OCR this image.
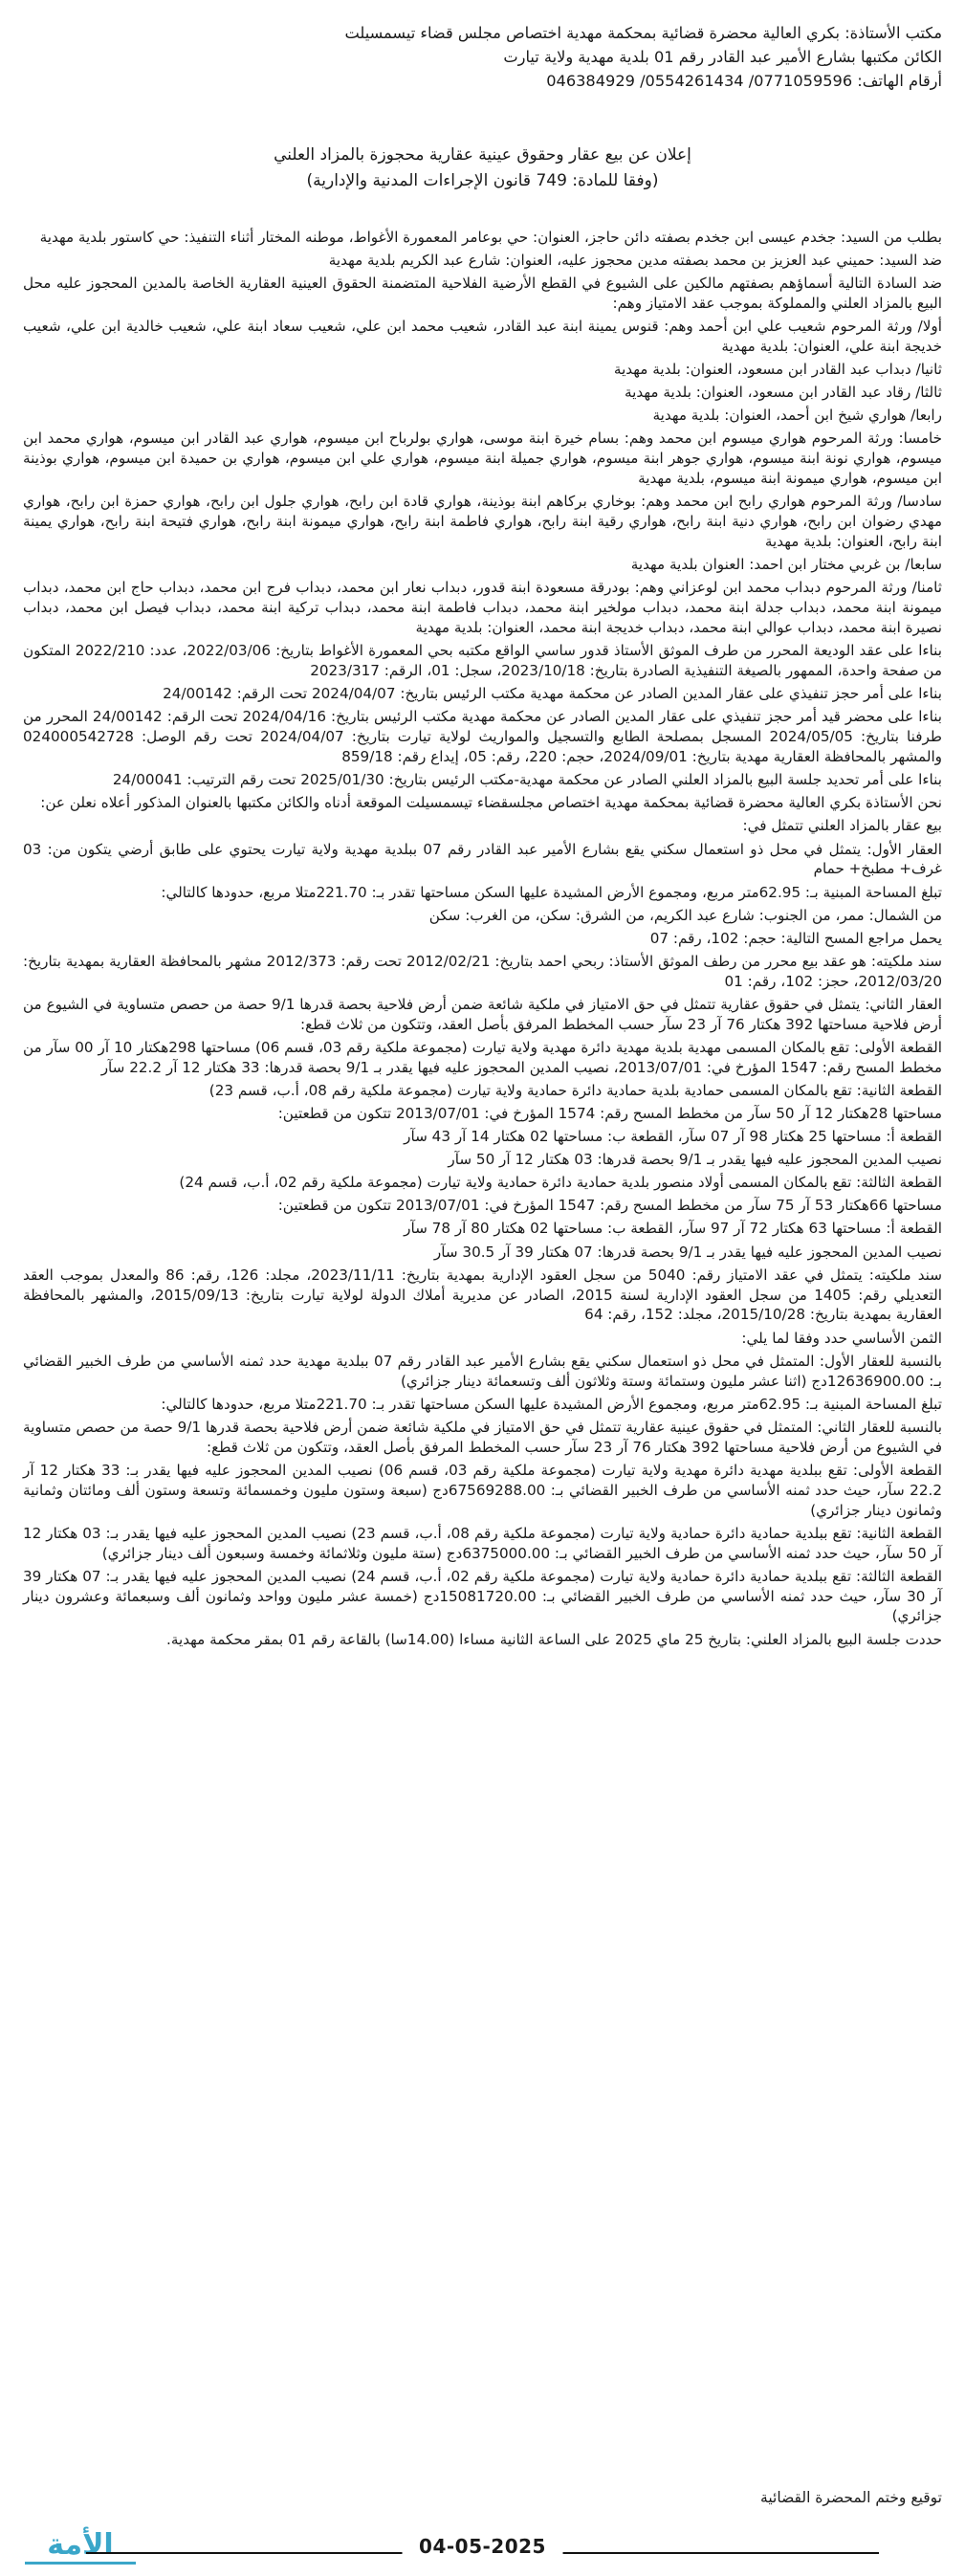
مكتب الأستاذة: بكري العالية محضرة قضائية بمحكمة مهدية اختصاص مجلس قضاء تيسمسيلت

الكائن مكتبها بشارع الأمير عبد القادر رقم 01 بلدية مهدية ولاية تيارت

أرقام الهاتف: 0771059596/ 0554261434/ 046384929

إعلان عن بيع عقار وحقوق عينية عقارية محجوزة بالمزاد العلني

(وفقا للمادة: 749 قانون الإجراءات المدنية والإدارية)

بطلب من السيد: جخدم عيسى ابن جخدم بصفته دائن حاجز، العنوان: حي بوعامر المعمورة الأغواط، موطنه المختار أثناء التنفيذ: حي كاستور بلدية مهدية

ضد السيد: حميني عبد العزيز بن محمد بصفته مدين محجوز عليه، العنوان: شارع عبد الكريم بلدية مهدية

ضد السادة التالية أسماؤهم بصفتهم مالكين على الشيوع في القطع الأرضية الفلاحية المتضمنة الحقوق العينية العقارية الخاصة بالمدين المحجوز عليه محل البيع بالمزاد العلني والمملوكة بموجب عقد الامتياز وهم:

أولا/ ورثة المرحوم شعيب علي ابن أحمد وهم: قنوس يمينة ابنة عبد القادر، شعيب محمد ابن علي، شعيب سعاد ابنة علي، شعيب خالدية ابن علي، شعيب خديجة ابنة علي، العنوان: بلدية مهدية

ثانيا/ دبداب عبد القادر ابن مسعود، العنوان: بلدية مهدية

ثالثا/ رقاد عبد القادر ابن مسعود، العنوان: بلدية مهدية

رابعا/ هواري شيخ ابن أحمد، العنوان: بلدية مهدية

خامسا: ورثة المرحوم هواري ميسوم ابن محمد وهم: بسام خيرة ابنة موسى، هواري بولرباح ابن ميسوم، هواري عبد القادر ابن ميسوم، هواري محمد ابن ميسوم، هواري نونة ابنة ميسوم، هواري جوهر ابنة ميسوم، هواري جميلة ابنة ميسوم، هواري علي ابن ميسوم، هواري بن حميدة ابن ميسوم، هواري بوذينة ابن ميسوم، هواري ميمونة ابنة ميسوم، بلدية مهدية

سادسا/ ورثة المرحوم هواري رابح ابن محمد وهم: بوخاري بركاهم ابنة بوذينة، هواري قادة ابن رابح، هواري جلول ابن رابح، هواري حمزة ابن رابح، هواري مهدي رضوان ابن رابح، هواري دنية ابنة رابح، هواري رقية ابنة رابح، هواري فاطمة ابنة رابح، هواري ميمونة ابنة رابح، هواري فتيحة ابنة رابح، هواري يمينة ابنة رابح، العنوان: بلدية مهدية

سابعا/ بن غربي مختار ابن احمد: العنوان بلدية مهدية

ثامنا/ ورثة المرحوم دبداب محمد ابن لوعزاني وهم: بودرقة مسعودة ابنة قدور، دبداب نعار ابن محمد، دبداب فرج ابن محمد، دبداب حاج ابن محمد، دبداب ميمونة ابنة محمد، دبداب جدلة ابنة محمد، دبداب مولخير ابنة محمد، دبداب فاطمة ابنة محمد، دبداب تركية ابنة محمد، دبداب فيصل ابن محمد، دبداب نصيرة ابنة محمد، دبداب عوالي ابنة محمد، دبداب خديجة ابنة محمد، العنوان: بلدية مهدية

بناءا على عقد الوديعة المحرر من طرف الموثق الأستاذ قدور ساسي الواقع مكتبه بحي المعمورة الأغواط بتاريخ: 2022/03/06، عدد: 2022/210 المتكون من صفحة واحدة، الممهور بالصيغة التنفيذية الصادرة بتاريخ: 2023/10/18، سجل: 01، الرقم: 2023/317

بناءا على أمر حجز تنفيذي على عقار المدين الصادر عن محكمة مهدية مكتب الرئيس بتاريخ: 2024/04/07 تحت الرقم: 24/00142

بناءا على محضر قيد أمر حجز تنفيذي على عقار المدين الصادر عن محكمة مهدية مكتب الرئيس بتاريخ: 2024/04/16 تحت الرقم: 24/00142 المحرر من طرفنا بتاريخ: 2024/05/05 المسجل بمصلحة الطابع والتسجيل والمواريث لولاية تيارت بتاريخ: 2024/04/07 تحت رقم الوصل: 024000542728 والمشهر بالمحافظة العقارية مهدية بتاريخ: 2024/09/01، حجم: 220، رقم: 05، إيداع رقم: 859/18

بناءا على أمر تحديد جلسة البيع بالمزاد العلني الصادر عن محكمة مهدية-مكتب الرئيس بتاريخ: 2025/01/30 تحت رقم الترتيب: 24/00041

نحن الأستاذة بكري العالية محضرة قضائية بمحكمة مهدية اختصاص مجلسقضاء تيسمسيلت الموقعة أدناه والكائن مكتبها بالعنوان المذكور أعلاه نعلن عن:

بيع عقار بالمزاد العلني تتمثل في:

العقار الأول: يتمثل في محل ذو استعمال سكني يقع بشارع الأمير عبد القادر رقم 07 ببلدية مهدية ولاية تيارت يحتوي على طابق أرضي يتكون من: 03 غرف+ مطبخ+ حمام

تبلغ المساحة المبنية بـ: 62.95متر مربع، ومجموع الأرض المشيدة عليها السكن مساحتها تقدر بـ: 221.70متلا مربع، حدودها كالتالي:

من الشمال: ممر، من الجنوب: شارع عبد الكريم، من الشرق: سكن، من الغرب: سكن

يحمل مراجع المسح التالية: حجم: 102، رقم: 07

سند ملكيته: هو عقد بيع محرر من رطف الموثق الأستاذ: ربحي احمد بتاريخ: 2012/02/21 تحت رقم: 2012/373 مشهر بالمحافظة العقارية بمهدية بتاريخ: 2012/03/20، حجز: 102، رقم: 01

العقار الثاني: يتمثل في حقوق عقارية تتمثل في حق الامتياز في ملكية شائعة ضمن أرض فلاحية بحصة قدرها 9/1 حصة من حصص متساوية في الشيوع من أرض فلاحية مساحتها 392 هكتار 76 آر 23 سآر حسب المخطط المرفق بأصل العقد، وتتكون من ثلاث قطع:

القطعة الأولى: تقع بالمكان المسمى مهدية بلدية مهدية دائرة مهدية ولاية تيارت (مجموعة ملكية رقم 03، قسم 06) مساحتها 298هكتار 10 آر 00 سآر من مخطط المسح رقم: 1547 المؤرخ في: 2013/07/01، نصيب المدين المحجوز عليه فيها يقدر بـ 9/1 بحصة قدرها: 33 هكتار 12 آر 22.2 سآر

القطعة الثانية: تقع بالمكان المسمى حمادية بلدية حمادية دائرة حمادية ولاية تيارت (مجموعة ملكية رقم 08، أ.ب، قسم 23)

مساحتها 28هكتار 12 آر 50 سآر من مخطط المسح رقم: 1574 المؤرخ في: 2013/07/01 تتكون من قطعتين:

القطعة أ: مساحتها 25 هكتار 98 آر 07 سآر، القطعة ب: مساحتها 02 هكتار 14 آر 43 سآر

نصيب المدين المحجوز عليه فيها يقدر بـ 9/1 بحصة قدرها: 03 هكتار 12 آر 50 سآر

القطعة الثالثة: تقع بالمكان المسمى أولاد منصور بلدية حمادية دائرة حمادية ولاية تيارت (مجموعة ملكية رقم 02، أ.ب، قسم 24)

مساحتها 66هكتار 53 آر 75 سآر من مخطط المسح رقم: 1547 المؤرخ في: 2013/07/01 تتكون من قطعتين:

القطعة أ: مساحتها 63 هكتار 72 آر 97 سآر، القطعة ب: مساحتها 02 هكتار 80 آر 78 سآر

نصيب المدين المحجوز عليه فيها يقدر بـ 9/1 بحصة قدرها: 07 هكتار 39 آر 30.5 سآر

سند ملكيته: يتمثل في عقد الامتياز رقم: 5040 من سجل العقود الإدارية بمهدية بتاريخ: 2023/11/11، مجلد: 126، رقم: 86 والمعدل بموجب العقد التعديلي رقم: 1405 من سجل العقود الإدارية لسنة 2015، الصادر عن مديرية أملاك الدولة لولاية تيارت بتاريخ: 2015/09/13، والمشهر بالمحافظة العقارية بمهدية بتاريخ: 2015/10/28، مجلد: 152، رقم: 64

الثمن الأساسي حدد وفقا لما يلي:

بالنسبة للعقار الأول: المتمثل في محل ذو استعمال سكني يقع بشارع الأمير عبد القادر رقم 07 ببلدية مهدية حدد ثمنه الأساسي من طرف الخبير القضائي بـ: 12636900.00دج (اثنا عشر مليون وستمائة وستة وثلاثون ألف وتسعمائة دينار جزائري)

تبلغ المساحة المبنية بـ: 62.95متر مربع، ومجموع الأرض المشيدة عليها السكن مساحتها تقدر بـ: 221.70متلا مربع، حدودها كالتالي:

بالنسبة للعقار الثاني: المتمثل في حقوق عينية عقارية تتمثل في حق الامتياز في ملكية شائعة ضمن أرض فلاحية بحصة قدرها 9/1 حصة من حصص متساوية في الشيوع من أرض فلاحية مساحتها 392 هكتار 76 آر 23 سآر حسب المخطط المرفق بأصل العقد، وتتكون من ثلاث قطع:

القطعة الأولى: تقع ببلدية مهدية دائرة مهدية ولاية تيارت (مجموعة ملكية رقم 03، قسم 06) نصيب المدين المحجوز عليه فيها يقدر بـ: 33 هكتار 12 آر 22.2 سآر، حيث حدد ثمنه الأساسي من طرف الخبير القضائي بـ: 67569288.00دج (سبعة وستون مليون وخمسمائة وتسعة وستون ألف ومائتان وثمانية وثمانون دينار جزائري)

القطعة الثانية: تقع ببلدية حمادية دائرة حمادية ولاية تيارت (مجموعة ملكية رقم 08، أ.ب، قسم 23) نصيب المدين المحجوز عليه فيها يقدر بـ: 03 هكتار 12 آر 50 سآر، حيث حدد ثمنه الأساسي من طرف الخبير القضائي بـ: 6375000.00دج (ستة مليون وثلاثمائة وخمسة وسبعون ألف دينار جزائري)

القطعة الثالثة: تقع ببلدية حمادية دائرة حمادية ولاية تيارت (مجموعة ملكية رقم 02، أ.ب، قسم 24) نصيب المدين المحجوز عليه فيها يقدر بـ: 07 هكتار 39 آر 30 سآر، حيث حدد ثمنه الأساسي من طرف الخبير القضائي بـ: 15081720.00دج (خمسة عشر مليون وواحد وثمانون ألف وسبعمائة وعشرون دينار جزائري)

حددت جلسة البيع بالمزاد العلني: بتاريخ 25 ماي 2025 على الساعة الثانية مساءا (14.00سا) بالقاعة رقم 01 بمقر محكمة مهدية.

توقيع وختم المحضرة القضائية
الأمة	04-05-2025
